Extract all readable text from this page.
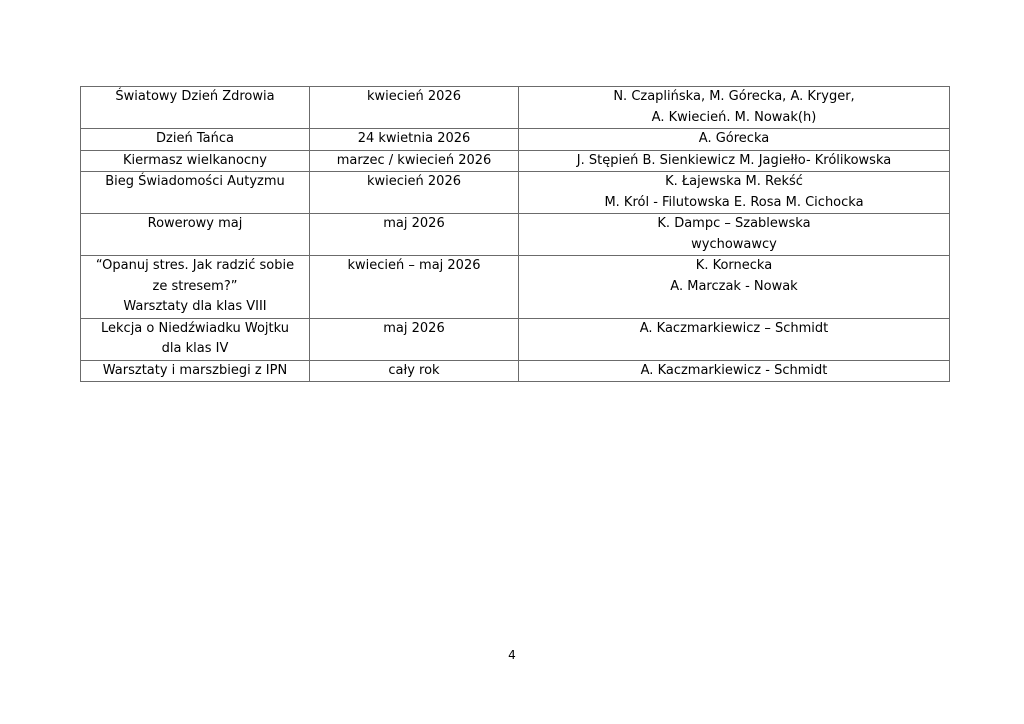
Światowy Dzień Zdrowia	kwiecień 2026	N. Czaplińska, M. Górecka, A. Kryger,
A. Kwiecień. M. Nowak(h)

Dzień Tańca	24 kwietnia 2026	A. Górecka

Kiermasz wielkanocny	marzec / kwiecień 2026	J. Stępień B. Sienkiewicz M. Jagiełło- Królikowska

Bieg Świadomości Autyzmu	kwiecień 2026	K. Łajewska M. Rekść
M. Król - Filutowska E. Rosa M. Cichocka

Rowerowy maj	maj 2026	K. Dampc – Szablewska
wychowawcy

“Opanuj stres. Jak radzić sobie
ze stresem?”
Warsztaty dla klas VIII	kwiecień – maj 2026	K. Kornecka
A. Marczak - Nowak

Lekcja o Niedźwiadku Wojtku
dla klas IV	maj 2026	A. Kaczmarkiewicz – Schmidt

Warsztaty i marszbiegi z IPN	cały rok	A. Kaczmarkiewicz - Schmidt
4
